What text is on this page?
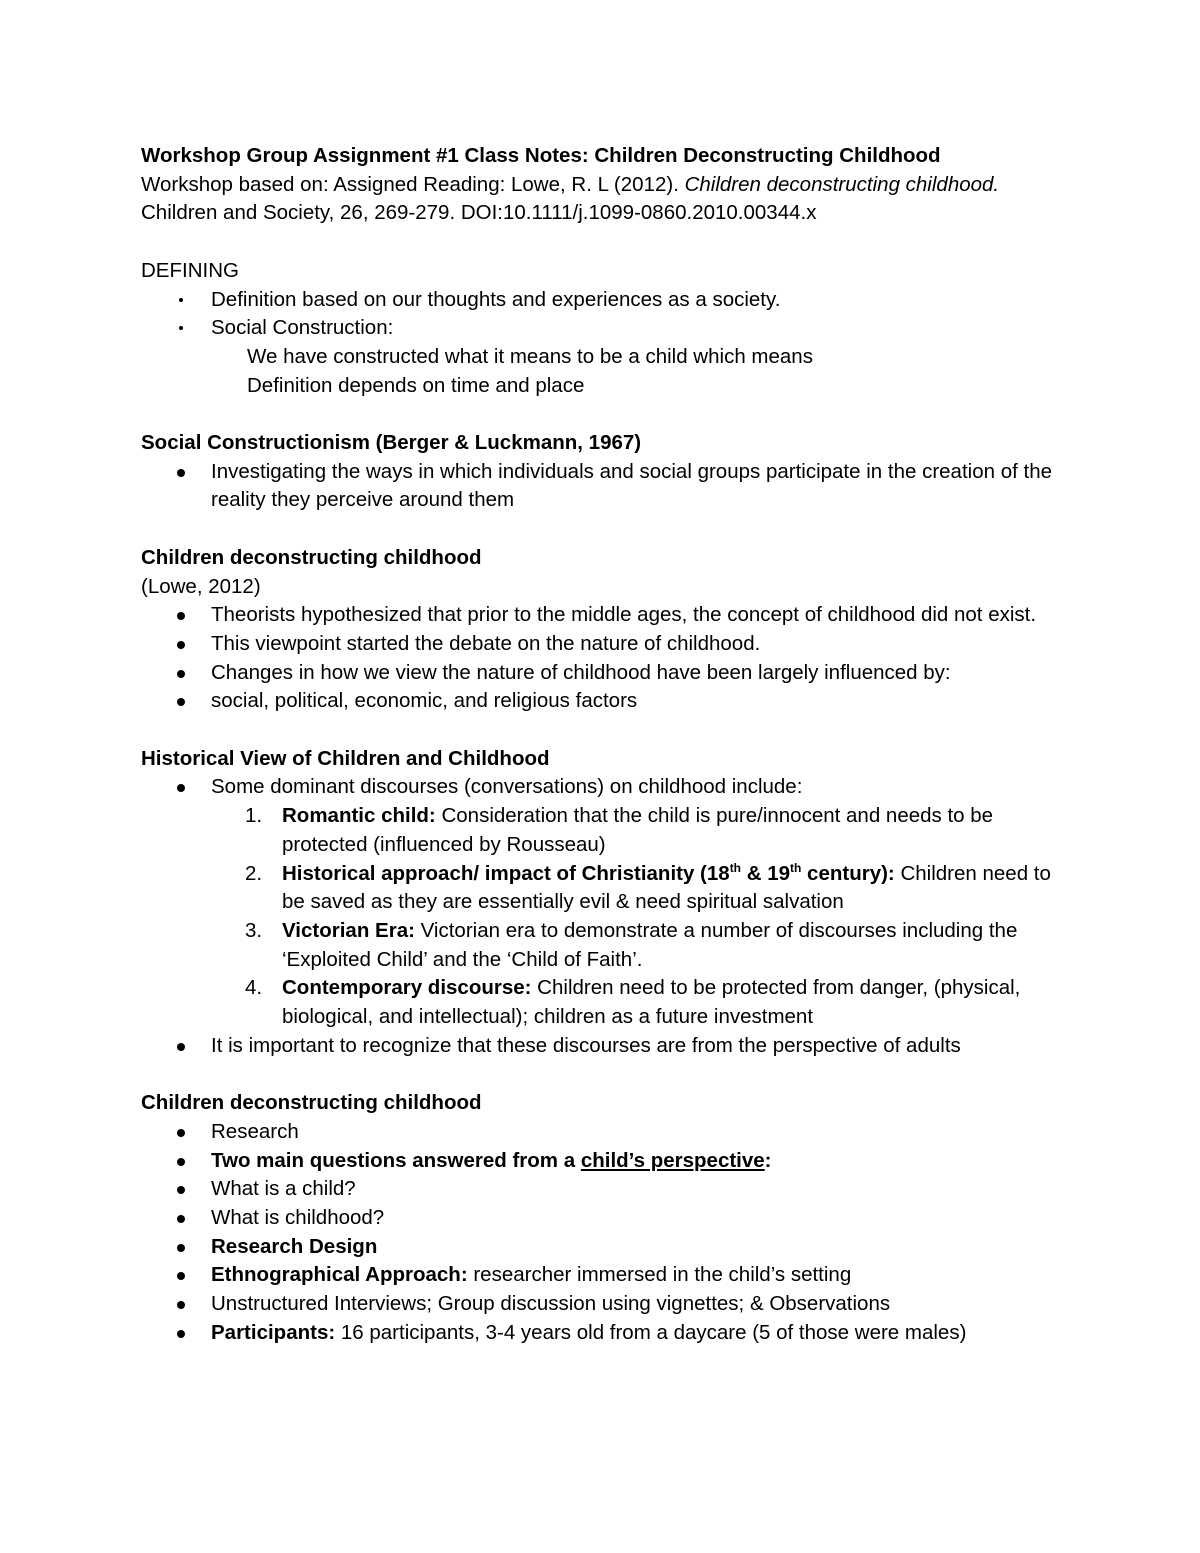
Workshop Group Assignment #1 Class Notes: Children Deconstructing Childhood

Workshop based on: Assigned Reading: Lowe, R. L (2012). Children deconstructing childhood.

Children and Society, 26, 269-279. DOI:10.1111/j.1099-0860.2010.00344.x

DEFINING

Definition based on our thoughts and experiences as a society.
Social Construction:

We have constructed what it means to be a child which means

Definition depends on time and place

Social Constructionism (Berger & Luckmann, 1967)

Investigating the ways in which individuals and social groups participate in the creation of the reality they perceive around them

Children deconstructing childhood

(Lowe, 2012)

Theorists hypothesized that prior to the middle ages, the concept of childhood did not exist.
This viewpoint started the debate on the nature of childhood.
Changes in how we view the nature of childhood have been largely influenced by:
social, political, economic, and religious factors

Historical View of Children and Childhood

Some dominant discourses (conversations) on childhood include:
1. Romantic child: Consideration that the child is pure/innocent and needs to be protected (influenced by Rousseau)
2. Historical approach/ impact of Christianity (18th & 19th century): Children need to be saved as they are essentially evil & need spiritual salvation
3. Victorian Era: Victorian era to demonstrate a number of discourses including the ‘Exploited Child’ and the ‘Child of Faith’.
4. Contemporary discourse: Children need to be protected from danger, (physical, biological, and intellectual); children as a future investment
It is important to recognize that these discourses are from the perspective of adults

Children deconstructing childhood

Research
Two main questions answered from a child’s perspective:
What is a child?
What is childhood?
Research Design
Ethnographical Approach: researcher immersed in the child’s setting
Unstructured Interviews; Group discussion using vignettes; & Observations
Participants: 16 participants, 3-4 years old from a daycare (5 of those were males)
